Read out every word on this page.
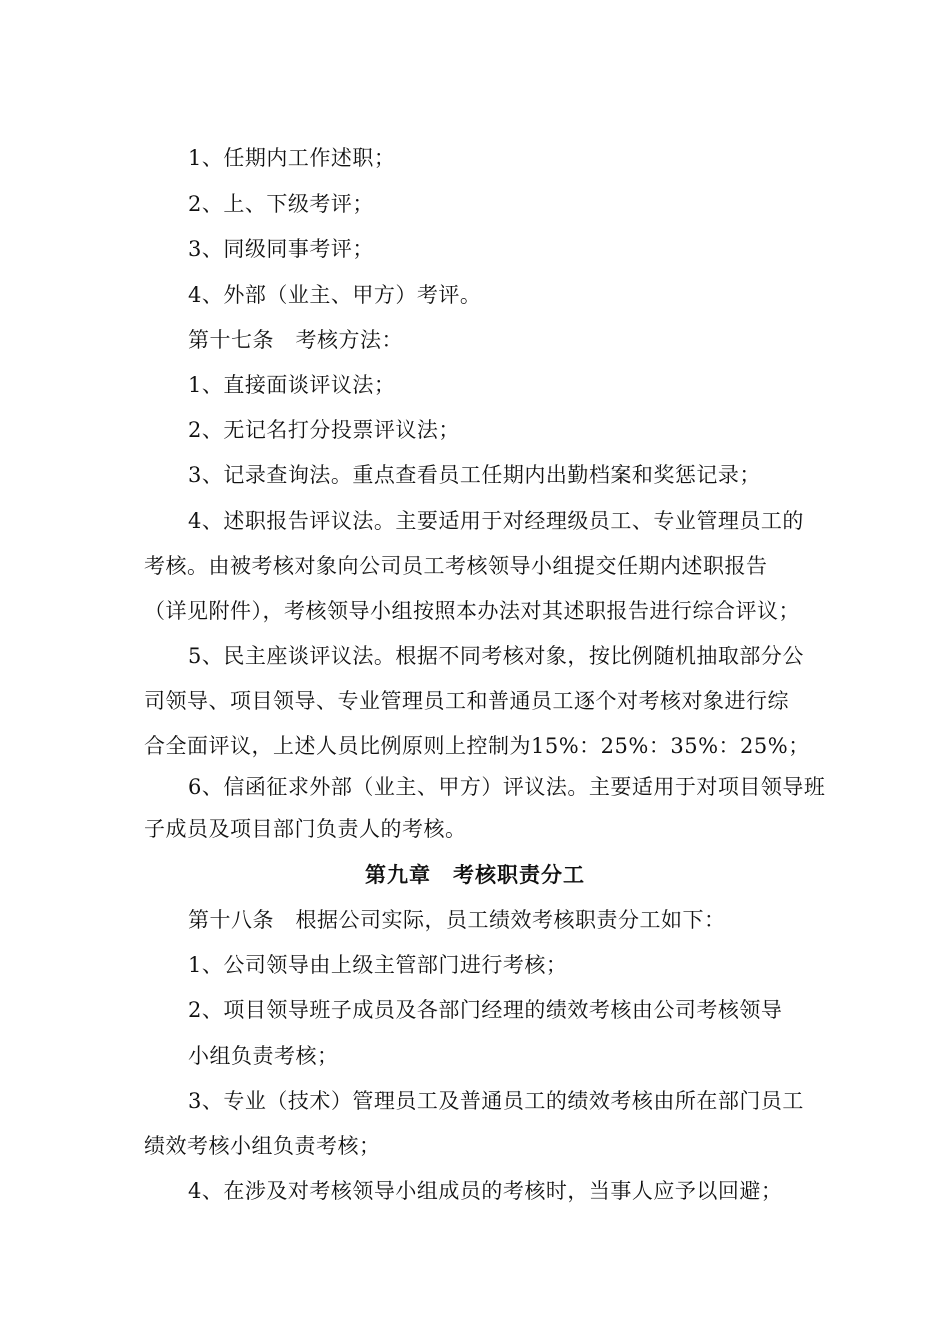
1、任期内工作述职；
2、上、下级考评；
3、同级同事考评；
4、外部（业主、甲方）考评。
第十七条　考核方法：
1、直接面谈评议法；
2、无记名打分投票评议法；
3、记录查询法。重点查看员工任期内出勤档案和奖惩记录；
4、述职报告评议法。主要适用于对经理级员工、专业管理员工的
考核。由被考核对象向公司员工考核领导小组提交任期内述职报告
（详见附件），考核领导小组按照本办法对其述职报告进行综合评议；
5、民主座谈评议法。根据不同考核对象，按比例随机抽取部分公
司领导、项目领导、专业管理员工和普通员工逐个对考核对象进行综
合全面评议，上述人员比例原则上控制为15%：25%：35%：25%；
6、信函征求外部（业主、甲方）评议法。主要适用于对项目领导班
子成员及项目部门负责人的考核。
第九章　考核职责分工
第十八条　根据公司实际，员工绩效考核职责分工如下：
1、公司领导由上级主管部门进行考核；
2、项目领导班子成员及各部门经理的绩效考核由公司考核领导
小组负责考核；
3、专业（技术）管理员工及普通员工的绩效考核由所在部门员工
绩效考核小组负责考核；
4、在涉及对考核领导小组成员的考核时，当事人应予以回避；
